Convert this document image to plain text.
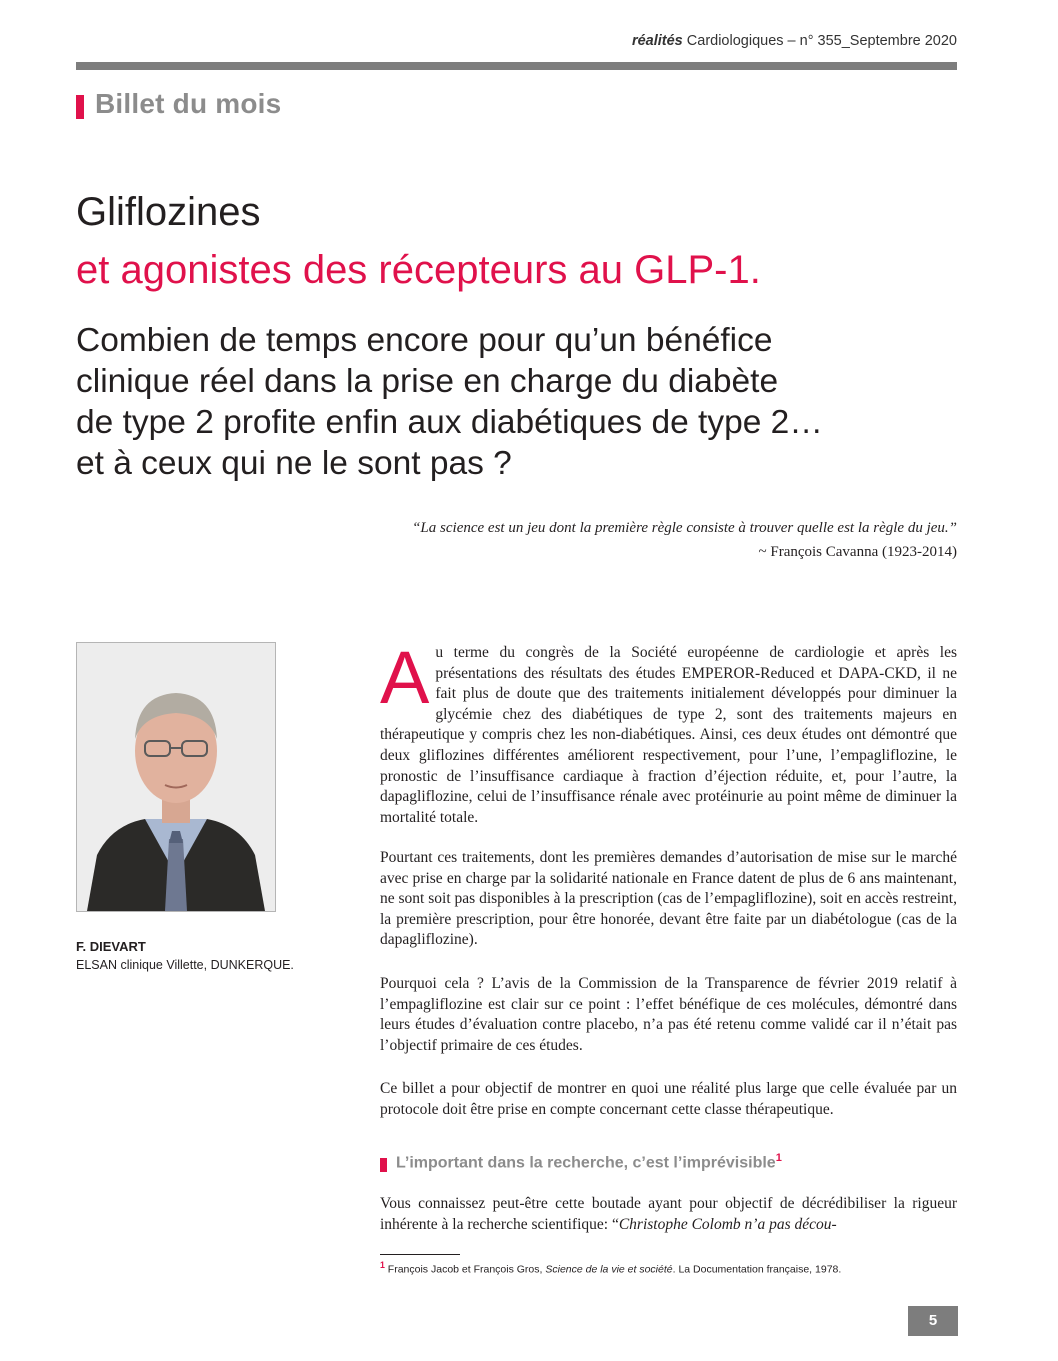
réalités Cardiologiques – n° 355_Septembre 2020
Billet du mois
Gliflozines
et agonistes des récepteurs au GLP-1.
Combien de temps encore pour qu’un bénéfice
clinique réel dans la prise en charge du diabète
de type 2 profite enfin aux diabétiques de type 2…
et à ceux qui ne le sont pas ?
“La science est un jeu dont la première règle consiste à trouver quelle est la règle du jeu.”
~ François Cavanna (1923-2014)
F. DIEVART
ELSAN clinique Villette, DUNKERQUE.

Au terme du congrès de la Société européenne de cardiologie et après les présentations des résultats des études EMPEROR-Reduced et DAPA-CKD, il ne fait plus de doute que des traitements initialement développés pour diminuer la glycémie chez des diabétiques de type 2, sont des traitements majeurs en thérapeutique y compris chez les non-diabétiques. Ainsi, ces deux études ont démontré que deux gliflozines différentes améliorent respectivement, pour l’une, l’empagliflozine, le pronostic de l’insuffisance cardiaque à fraction d’éjection réduite, et, pour l’autre, la dapagliflozine, celui de l’insuffisance rénale avec protéinurie au point même de diminuer la mortalité totale.

Pourtant ces traitements, dont les premières demandes d’autorisation de mise sur le marché avec prise en charge par la solidarité nationale en France datent de plus de 6 ans maintenant, ne sont soit pas disponibles à la prescription (cas de l’empagliflozine), soit en accès restreint, la première prescription, pour être honorée, devant être faite par un diabétologue (cas de la dapagliflozine).

Pourquoi cela ? L’avis de la Commission de la Transparence de février 2019 relatif à l’empagliflozine est clair sur ce point : l’effet bénéfique de ces molécules, démontré dans leurs études d’évaluation contre placebo, n’a pas été retenu comme validé car il n’était pas l’objectif primaire de ces études.

Ce billet a pour objectif de montrer en quoi une réalité plus large que celle évaluée par un protocole doit être prise en compte concernant cette classe thérapeutique.

L’important dans la recherche, c’est l’imprévisible$^1$

Vous connaissez peut-être cette boutade ayant pour objectif de décrédibiliser la rigueur inhérente à la recherche scientifique: “Christophe Colomb n’a pas décou-

$^1$ François Jacob et François Gros, Science de la vie et société. La Documentation française, 1978.
5
